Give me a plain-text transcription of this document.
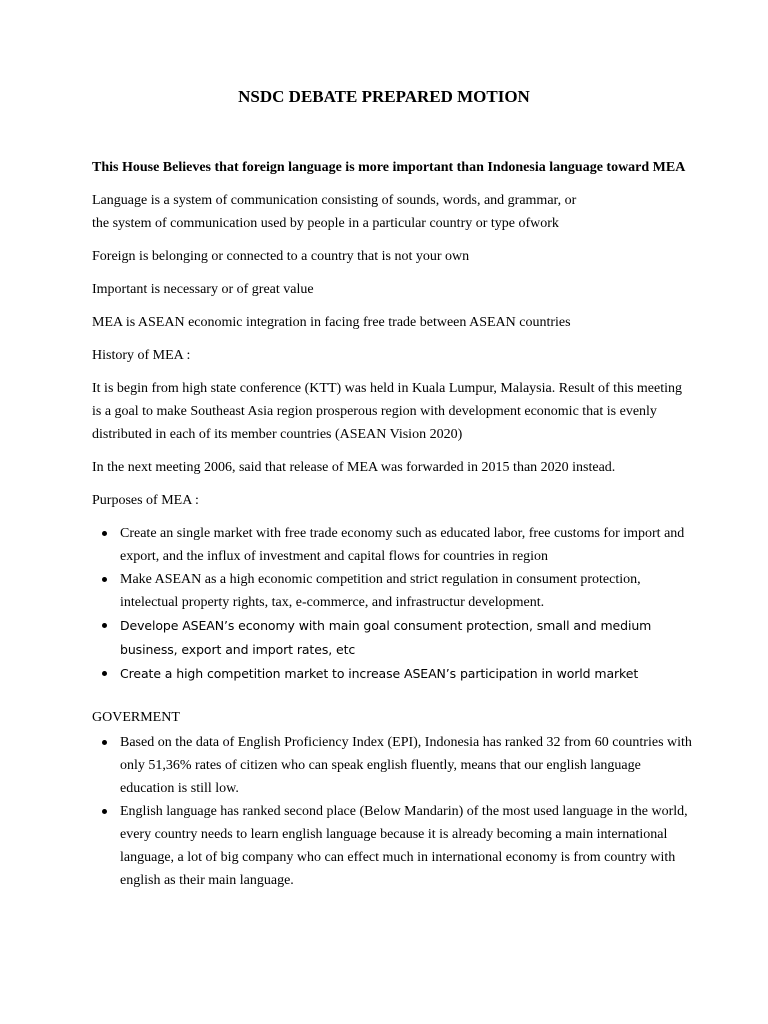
NSDC DEBATE PREPARED MOTION

This House Believes that foreign language is more important than Indonesia language toward MEA

Language is a system of communication consisting of sounds, words, and grammar, or
the system of communication used by people in a particular country or type ofwork

Foreign is belonging or connected to a country that is not your own

Important is necessary or of great value

MEA is ASEAN economic integration in facing free trade between ASEAN countries

History of MEA :

It is begin from high state conference (KTT) was held in Kuala Lumpur, Malaysia. Result of this meeting is a goal to make Southeast Asia region prosperous region with development economic that is evenly distributed in each of its member countries (ASEAN Vision 2020)

In the next meeting 2006, said that release of MEA was forwarded in 2015 than 2020 instead.

Purposes of MEA :

Create an single market with free trade economy such as educated labor, free customs for import and export, and the influx of investment and capital flows for countries in region
Make ASEAN as a high economic competition and strict regulation in consument protection, intelectual property rights, tax, e-commerce, and infrastructur development.
Develope ASEAN’s economy with main goal consument protection, small and medium business, export and import rates, etc
Create a high competition market to increase ASEAN’s participation in world market

GOVERMENT

Based on the data of English Proficiency Index (EPI), Indonesia has ranked 32 from 60 countries with only 51,36% rates of citizen who can speak english fluently, means that our english language education is still low.
English language has ranked second place (Below Mandarin) of the most used language in the world, every country needs to learn english language because it is already becoming a main international language, a lot of big company who can effect much in international economy is from country with english as their main language.
